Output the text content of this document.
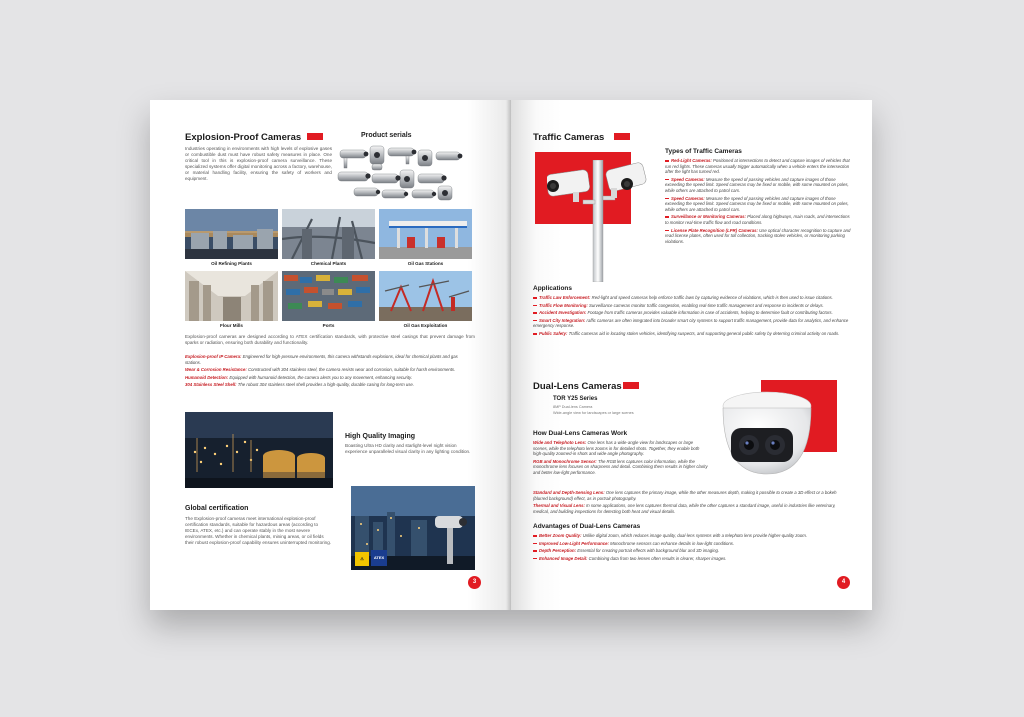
Explosion-Proof Cameras	Product serials
Industries operating in environments with high levels of explosive gases or combustible dust must have robust safety measures in place. One critical tool in this is explosion-proof camera surveillance. These specialized systems offer digital monitoring across a factory, warehouse, or material handling facility, ensuring the safety of workers and equipment.
Oil Refining Plants	Chemical Plants	Oil Gas Stations
Flour Mills	Ports	Oil Gas Exploitation
Explosion-proof cameras are designed according to ATEX certification standards, with protective steel casings that prevent damage from sparks or radiation, ensuring both durability and functionality.
Explosion-proof IP Camera: Engineered for high-pressure environments, this camera withstands explosions, ideal for chemical plants and gas stations.
Wear & Corrosion Resistance: Constructed with 304 stainless steel, the camera resists wear and corrosion, suitable for harsh environments.
Humanoid Detection: Equipped with humanoid detection, the camera alerts you to any movement, enhancing security.
304 Stainless Steel Shell: The robust 304 stainless steel shell provides a high-quality, durable casing for long-term use.
High Quality Imaging
Boasting Ultra HD clarity and starlight-level night vision experience unparalleled visual clarity in any lighting condition.
Global certification
The Explosion-proof cameras meet international explosion-proof certification standards, suitable for hazardous areas (according to IECEx, ATEX, etc.) and can operate stably in the most severe environments. Whether in chemical plants, mining areas, or oil fields their robust explosion-proof capability ensures uninterrupted monitoring.
⚠	ATEX
3
Traffic Cameras
Types of Traffic Cameras
Red-Light Cameras: Positioned at intersections to detect and capture images of vehicles that run red lights. These cameras usually trigger automatically when a vehicle enters the intersection after the light has turned red.
Speed Cameras: Measure the speed of passing vehicles and capture images of those exceeding the speed limit. Speed cameras may be fixed or mobile, with some mounted on poles, while others are attached to patrol cars.
Speed Cameras: Measure the speed of passing vehicles and capture images of those exceeding the speed limit. Speed cameras may be fixed or mobile, with some mounted on poles, while others are attached to patrol cars.
Surveillance or Monitoring Cameras: Placed along highways, main roads, and intersections to monitor real-time traffic flow and road conditions.
License Plate Recognition (LPR) Cameras: Use optical character recognition to capture and read license plates, often used for toll collection, tracking stolen vehicles, or monitoring parking violations.
Applications
Traffic Law Enforcement: Red-light and speed cameras help enforce traffic laws by capturing evidence of violations, which is then used to issue citations.
Traffic Flow Monitoring: Surveillance cameras monitor traffic congestion, enabling real-time traffic management and response to incidents or delays.
Accident Investigation: Footage from traffic cameras provides valuable information in case of accidents, helping to determine fault or contributing factors.
Smart City Integration: raffic cameras are often integrated into broader smart city systems to support traffic management, provide data for analytics, and enhance emergency response.
Public Safety: Traffic cameras aid in locating stolen vehicles, identifying suspects, and supporting general public safety by deterring criminal activity on roads.
Dual-Lens Cameras
TOR Y25 Series
8MP Dual-lens Camera
Wide-angle view for landscapes or large scenes
How Dual-Lens Cameras Work
Wide and Telephoto Lens: One lens has a wide-angle view for landscapes or large scenes, while the telephoto lens zooms in for detailed shots. Together, they enable both high-quality zoomed-in shots and wide-angle photography.
RGB and Monochrome Sensor: The RGB lens captures color information, while the monochrome lens focuses on sharpness and detail. Combining them results in higher clarity and better low-light performance.
Standard and Depth-Sensing Lens: One lens captures the primary image, while the other measures depth, making it possible to create a 3D effect or a bokeh (blurred background) effect, as in portrait photography.
Thermal and Visual Lens: In some applications, one lens captures thermal data, while the other captures a standard image, useful in industries like veterinary, medical, and building inspections for detecting both heat and visual details.
Advantages of Dual-Lens Cameras
Better Zoom Quality: Unlike digital zoom, which reduces image quality, dual-lens systems with a telephoto lens provide higher-quality zoom.
Improved Low-Light Performance: Monochrome sensors can enhance details in low-light conditions.
Depth Perception: Essential for creating portrait effects with background blur and 3D imaging.
Enhanced Image Detail: Combining data from two lenses often results in clearer, sharper images.
4
